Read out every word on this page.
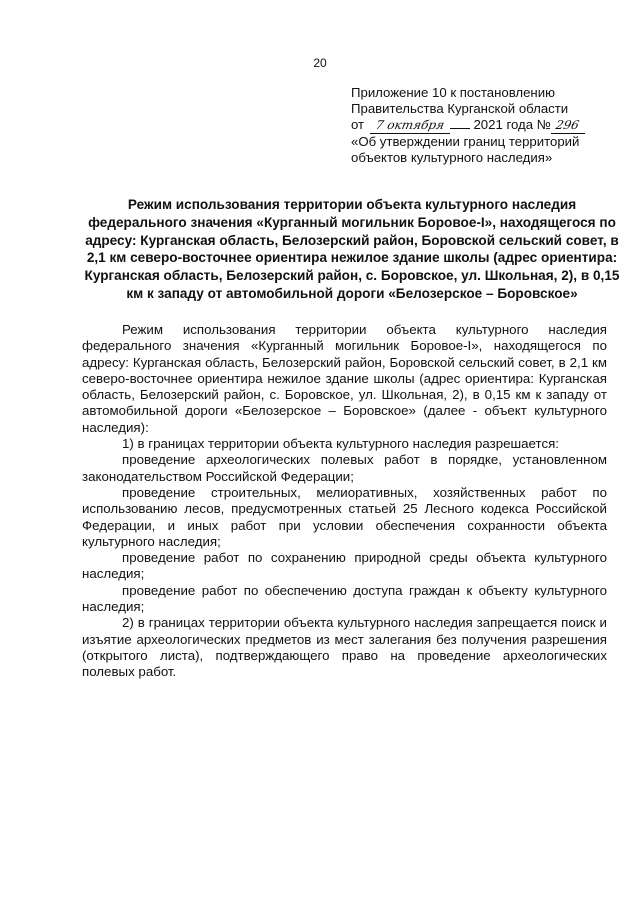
20
Приложение 10 к постановлению
Правительства Курганской области
от 7 октября 2021 года № 296
«Об утверждении границ территорий
объектов культурного наследия»
Режим использования территории объекта культурного наследия федерального значения «Курганный могильник Боровое-I», находящегося по адресу: Курганская область, Белозерский район, Боровской сельский совет, в 2,1 км северо-восточнее ориентира нежилое здание школы (адрес ориентира: Курганская область, Белозерский район, с. Боровское, ул. Школьная, 2), в 0,15 км к западу от автомобильной дороги «Белозерское – Боровское»

Режим использования территории объекта культурного наследия федерального значения «Курганный могильник Боровое-I», находящегося по адресу: Курганская область, Белозерский район, Боровской сельский совет, в 2,1 км северо-восточнее ориентира нежилое здание школы (адрес ориентира: Курганская область, Белозерский район, с. Боровское, ул. Школьная, 2), в 0,15 км к западу от автомобильной дороги «Белозерское – Боровское» (далее - объект культурного наследия):

1) в границах территории объекта культурного наследия разрешается:

проведение археологических полевых работ в порядке, установленном законодательством Российской Федерации;

проведение строительных, мелиоративных, хозяйственных работ по использованию лесов, предусмотренных статьей 25 Лесного кодекса Российской Федерации, и иных работ при условии обеспечения сохранности объекта культурного наследия;

проведение работ по сохранению природной среды объекта культурного наследия;

проведение работ по обеспечению доступа граждан к объекту культурного наследия;

2) в границах территории объекта культурного наследия запрещается поиск и изъятие археологических предметов из мест залегания без получения разрешения (открытого листа), подтверждающего право на проведение археологических полевых работ.
